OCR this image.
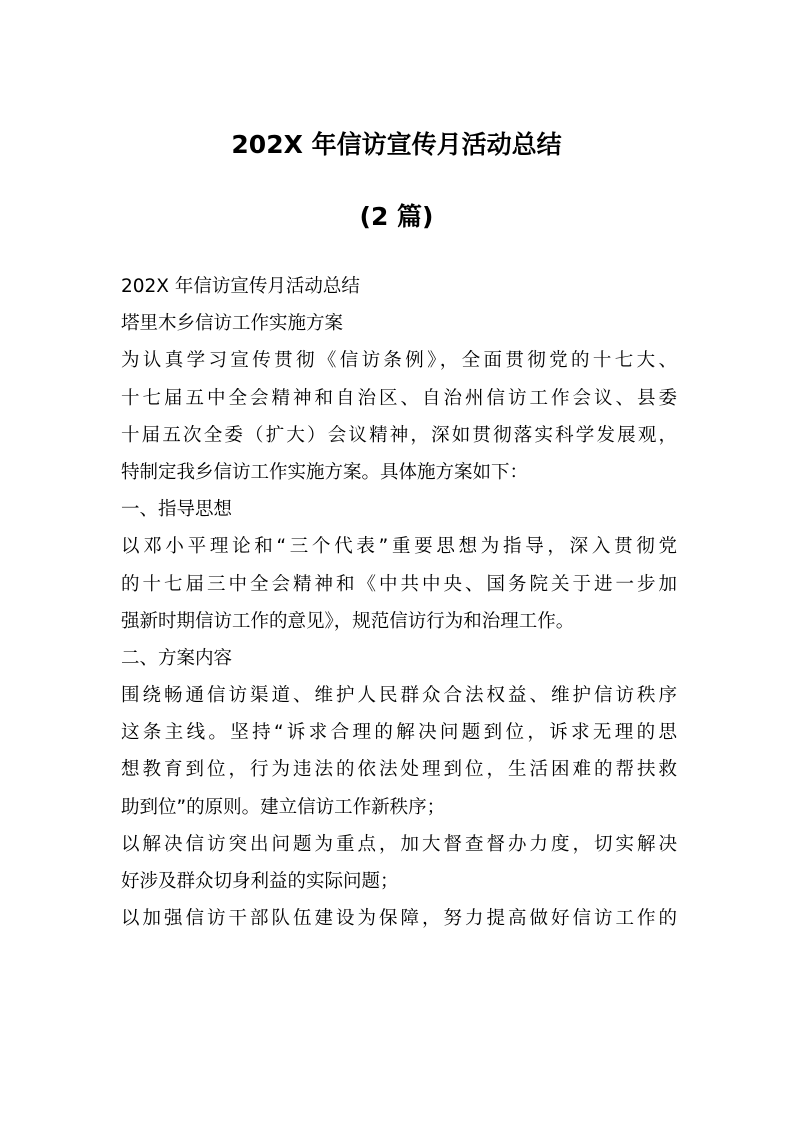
202X 年信访宣传月活动总结
(2 篇)
202X 年信访宣传月活动总结
塔里木乡信访工作实施方案
为认真学习宣传贯彻《信访条例》，全面贯彻党的十七大、
十七届五中全会精神和自治区、自治州信访工作会议、县委
十届五次全委（扩大）会议精神，深如贯彻落实科学发展观，
特制定我乡信访工作实施方案。具体施方案如下：
一、指导思想
以邓小平理论和“三个代表”重要思想为指导，深入贯彻党
的十七届三中全会精神和《中共中央、国务院关于进一步加
强新时期信访工作的意见》，规范信访行为和治理工作。
二、方案内容
围绕畅通信访渠道、维护人民群众合法权益、维护信访秩序
这条主线。坚持“诉求合理的解决问题到位，诉求无理的思
想教育到位，行为违法的依法处理到位，生活困难的帮扶救
助到位”的原则。建立信访工作新秩序；
以解决信访突出问题为重点，加大督查督办力度，切实解决
好涉及群众切身利益的实际问题；
以加强信访干部队伍建设为保障，努力提高做好信访工作的
